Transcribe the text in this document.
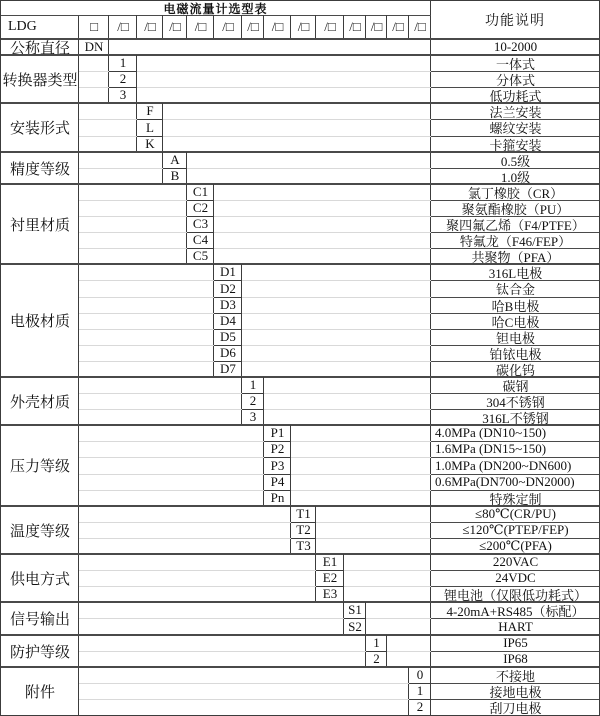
电磁流量计选型表
功能说明
LDG	□	/□	/□	/□	/□	/□	/□	/□	/□	/□	/□ /□ /□ /□
公称直径	DN	10-2000
转换器类型
1	一体式
2	分体式
3	低功耗式
安装形式
F	法兰安装
L	螺纹安装
K	卡箍安装
精度等级
A	0.5级
B	1.0级
衬里材质
C1	氯丁橡胶（CR）
C2	聚氨酯橡胶（PU）
C3	聚四氟乙烯（F4/PTFE）
C4	特氟龙（F46/FEP）
C5	共聚物（PFA）
电极材质
D1	316L电极
D2	钛合金
D3	哈B电极
D4	哈C电极
D5	钽电极
D6	铂铱电极
D7	碳化钨
外壳材质
1	碳钢
2	304不锈钢
3	316L不锈钢
压力等级
P1	4.0MPa (DN10~150)
P2	1.6MPa (DN15~150)
P3	1.0MPa (DN200~DN600)
P4	0.6MPa(DN700~DN2000)
Pn	特殊定制
温度等级
T1	≤80℃(CR/PU)
T2	≤120℃(PTEP/FEP)
T3	≤200℃(PFA)
供电方式
E1	220VAC
E2	24VDC
E3	锂电池（仅限低功耗式）
信号输出
S1	4-20mA+RS485（标配）
S2	HART
防护等级
1	IP65
2	IP68
附件
0	不接地
1	接地电极
2	刮刀电极
